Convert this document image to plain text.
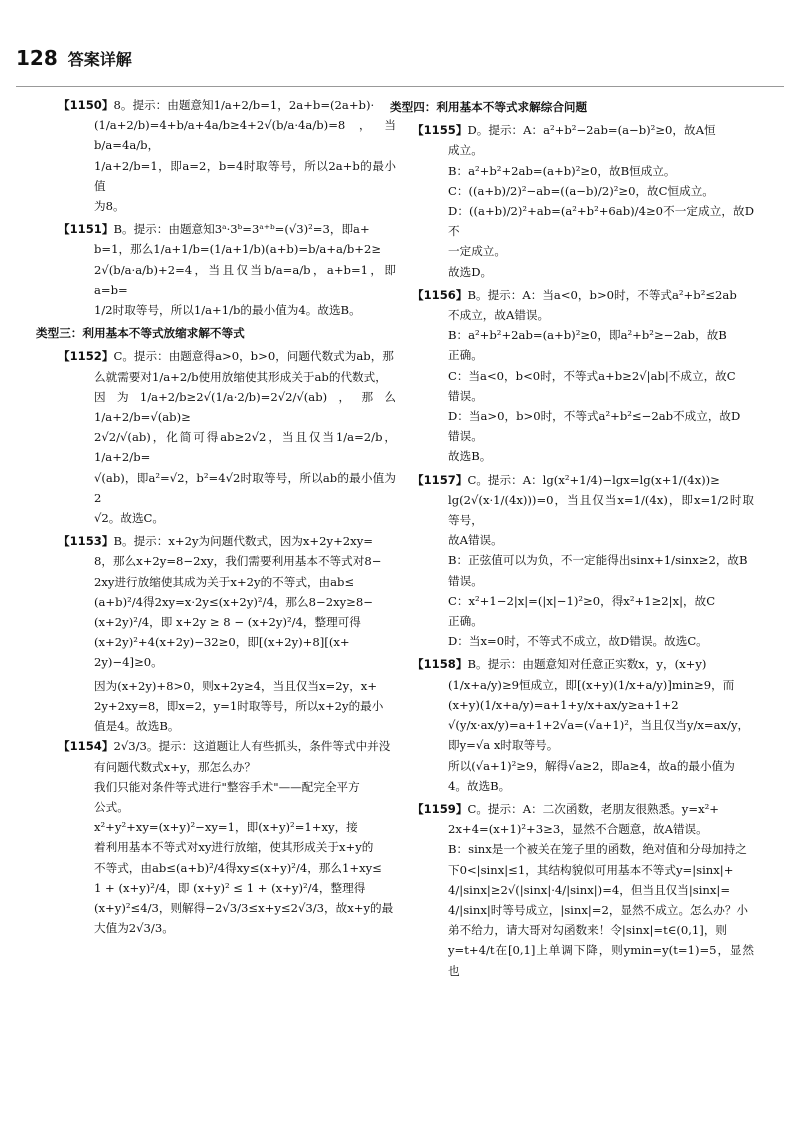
128 答案详解
【1150】8。提示：由题意知1/a+2/b=1，2a+b=(2a+b)·
(1/a+2/b)=4+b/a+4a/b≥4+2√(b/a·4a/b)=8，当b/a=4a/b，
1/a+2/b=1，即a=2，b=4时取等号，所以2a+b的最小值
为8。
【1151】B。提示：由题意知3ᵃ·3ᵇ=3ᵃ⁺ᵇ=(√3)²=3，即a+
b=1，那么1/a+1/b=(1/a+1/b)(a+b)=b/a+a/b+2≥
2√(b/a·a/b)+2=4，当且仅当b/a=a/b，a+b=1，即a=b=
1/2时取等号，所以1/a+1/b的最小值为4。故选B。
类型三：利用基本不等式放缩求解不等式
【1152】C。提示：由题意得a>0，b>0，问题代数式为ab，那
么就需要对1/a+2/b使用放缩使其形成关于ab的代数式，
因为1/a+2/b≥2√(1/a·2/b)=2√2/√(ab)，那么1/a+2/b=√(ab)≥
2√2/√(ab)，化简可得ab≥2√2，当且仅当1/a=2/b，1/a+2/b=
√(ab)，即a²=√2，b²=4√2时取等号，所以ab的最小值为2
√2。故选C。
【1153】B。提示：x+2y为问题代数式，因为x+2y+2xy=
8，那么x+2y=8−2xy，我们需要利用基本不等式对8−
2xy进行放缩使其成为关于x+2y的不等式，由ab≤
(a+b)²/4得2xy=x·2y≤(x+2y)²/4，那么8−2xy≥8−
(x+2y)²/4，即 x+2y ≥ 8 − (x+2y)²/4，整理可得
(x+2y)²+4(x+2y)−32≥0，即[(x+2y)+8][(x+
2y)−4]≥0。
因为(x+2y)+8>0，则x+2y≥4，当且仅当x=2y，x+
2y+2xy=8，即x=2，y=1时取等号，所以x+2y的最小
值是4。故选B。
【1154】2√3/3。提示：这道题让人有些抓头，条件等式中并没
有问题代数式x+y，那怎么办？
我们只能对条件等式进行"整容手术"——配完全平方
公式。
x²+y²+xy=(x+y)²−xy=1，即(x+y)²=1+xy，接
着利用基本不等式对xy进行放缩，使其形成关于x+y的
不等式，由ab≤(a+b)²/4得xy≤(x+y)²/4，那么1+xy≤
1 + (x+y)²/4，即 (x+y)² ≤ 1 + (x+y)²/4，整理得
(x+y)²≤4/3，则解得−2√3/3≤x+y≤2√3/3，故x+y的最
大值为2√3/3。
类型四：利用基本不等式求解综合问题
【1155】D。提示：A：a²+b²−2ab=(a−b)²≥0，故A恒
成立。
B：a²+b²+2ab=(a+b)²≥0，故B恒成立。
C：((a+b)/2)²−ab=((a−b)/2)²≥0，故C恒成立。
D：((a+b)/2)²+ab=(a²+b²+6ab)/4≥0不一定成立，故D不
一定成立。
故选D。
【1156】B。提示：A：当a<0，b>0时，不等式a²+b²≤2ab
不成立，故A错误。
B：a²+b²+2ab=(a+b)²≥0，即a²+b²≥−2ab，故B
正确。
C：当a<0，b<0时，不等式a+b≥2√|ab|不成立，故C
错误。
D：当a>0，b>0时，不等式a²+b²≤−2ab不成立，故D
错误。
故选B。
【1157】C。提示：A：lg(x²+1/4)−lgx=lg(x+1/(4x))≥
lg(2√(x·1/(4x)))=0，当且仅当x=1/(4x)，即x=1/2时取等号，
故A错误。
B：正弦值可以为负，不一定能得出sinx+1/sinx≥2，故B
错误。
C：x²+1−2|x|=(|x|−1)²≥0，得x²+1≥2|x|，故C
正确。
D：当x=0时，不等式不成立，故D错误。故选C。
【1158】B。提示：由题意知对任意正实数x，y，(x+y)
(1/x+a/y)≥9恒成立，即[(x+y)(1/x+a/y)]min≥9，而
(x+y)(1/x+a/y)=a+1+y/x+ax/y≥a+1+2
√(y/x·ax/y)=a+1+2√a=(√a+1)²，当且仅当y/x=ax/y，
即y=√a x时取等号。
所以(√a+1)²≥9，解得√a≥2，即a≥4，故a的最小值为
4。故选B。
【1159】C。提示：A：二次函数，老朋友很熟悉。y=x²+
2x+4=(x+1)²+3≥3，显然不合题意，故A错误。
B：sinx是一个被关在笼子里的函数，绝对值和分母加持之
下0<|sinx|≤1，其结构貌似可用基本不等式y=|sinx|+
4/|sinx|≥2√(|sinx|·4/|sinx|)=4，但当且仅当|sinx|=
4/|sinx|时等号成立，|sinx|=2，显然不成立。怎么办？小
弟不给力，请大哥对勾函数来！令|sinx|=t∈(0,1]，则
y=t+4/t在[0,1]上单调下降，则ymin=y(t=1)=5，显然也
